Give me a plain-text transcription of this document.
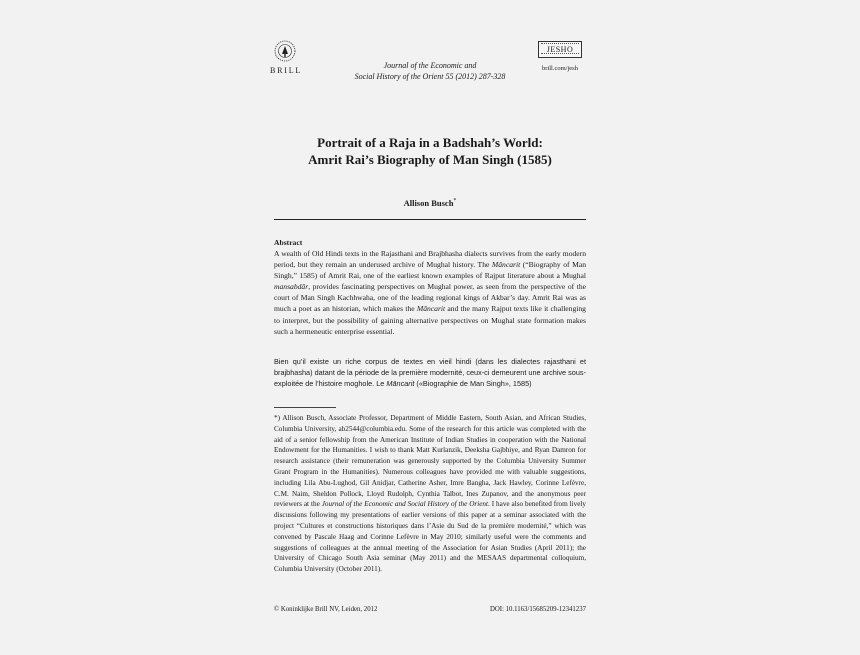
BRILL
Journal of the Economic and
Social History of the Orient 55 (2012) 287-328
JESHO
brill.com/jesh
Portrait of a Raja in a Badshah’s World:
Amrit Rai’s Biography of Man Singh (1585)
Allison Busch*
Abstract
A wealth of Old Hindi texts in the Rajasthani and Brajbhasha dialects survives from the early modern period, but they remain an underused archive of Mughal history. The Māncarit (“Biography of Man Singh,” 1585) of Amrit Rai, one of the earliest known examples of Rajput literature about a Mughal mansabdār, provides fascinating perspectives on Mughal power, as seen from the perspective of the court of Man Singh Kachhwaha, one of the leading regional kings of Akbar’s day. Amrit Rai was as much a poet as an historian, which makes the Māncarit and the many Rajput texts like it challenging to interpret, but the possibility of gaining alternative perspectives on Mughal state formation makes such a hermeneutic enterprise essential.
Bien qu’il existe un riche corpus de textes en vieil hindi (dans les dialectes rajasthani et brajbhasha) datant de la période de la première modernité, ceux-ci demeurent une archive sous-exploitée de l’histoire moghole. Le Māncarit («Biographie de Man Singh», 1585)
*) Allison Busch, Associate Professor, Department of Middle Eastern, South Asian, and African Studies, Columbia University, ab2544@columbia.edu. Some of the research for this article was completed with the aid of a senior fellowship from the American Institute of Indian Studies in cooperation with the National Endowment for the Humanities. I wish to thank Matt Kurlanzik, Deeksha Gajbhiye, and Ryan Damron for research assistance (their remuneration was generously supported by the Columbia University Summer Grant Program in the Humanities). Numerous colleagues have provided me with valuable suggestions, including Lila Abu-Lughod, Gil Anidjar, Catherine Asher, Imre Bangha, Jack Hawley, Corinne Lefèvre, C.M. Naim, Sheldon Pollock, Lloyd Rudolph, Cynthia Talbot, Ines Zupanov, and the anonymous peer reviewers at the Journal of the Economic and Social History of the Orient. I have also benefited from lively discussions following my presentations of earlier versions of this paper at a seminar associated with the project “Cultures et constructions historiques dans l’Asie du Sud de la première modernité,” which was convened by Pascale Haag and Corinne Lefèvre in May 2010; similarly useful were the comments and suggestions of colleagues at the annual meeting of the Association for Asian Studies (April 2011); the University of Chicago South Asia seminar (May 2011) and the MESAAS departmental colloquium, Columbia University (October 2011).
© Koninklijke Brill NV, Leiden, 2012	DOI: 10.1163/15685209-12341237
